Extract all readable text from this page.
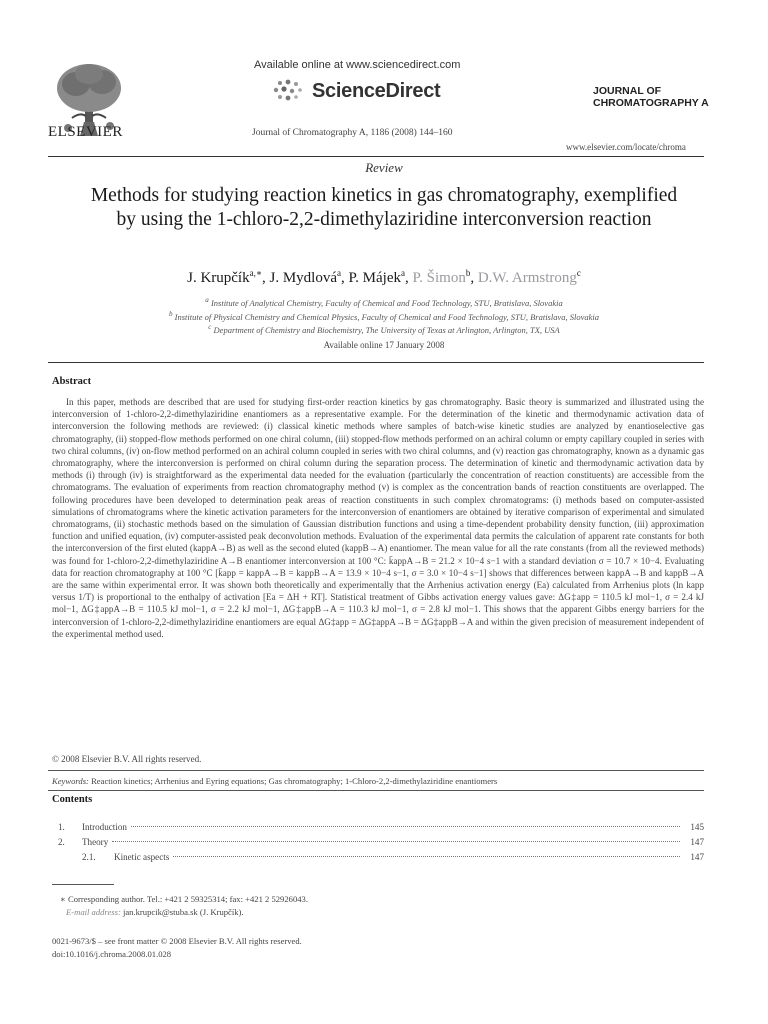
ELSEVIER
Available online at www.sciencedirect.com
ScienceDirect	JOURNAL OF
CHROMATOGRAPHY A
Journal of Chromatography A, 1186 (2008) 144–160
www.elsevier.com/locate/chroma
Review
Methods for studying reaction kinetics in gas chromatography, exemplified by using the 1-chloro-2,2-dimethylaziridine interconversion reaction
J. Krupčík$^{a,∗}$, J. Mydlová$^a$, P. Májek$^a$, P. Šimon$^b$, D.W. Armstrong$^c$
$^a$ Institute of Analytical Chemistry, Faculty of Chemical and Food Technology, STU, Bratislava, Slovakia
$^b$ Institute of Physical Chemistry and Chemical Physics, Faculty of Chemical and Food Technology, STU, Bratislava, Slovakia
$^c$ Department of Chemistry and Biochemistry, The University of Texas at Arlington, Arlington, TX, USA
Available online 17 January 2008
Abstract

In this paper, methods are described that are used for studying first-order reaction kinetics by gas chromatography. Basic theory is summarized and illustrated using the interconversion of 1-chloro-2,2-dimethylaziridine enantiomers as a representative example. For the determination of the kinetic and thermodynamic activation data of interconversion the following methods are reviewed: (i) classical kinetic methods where samples of batch-wise kinetic studies are analyzed by enantioselective gas chromatography, (ii) stopped-flow methods performed on one chiral column, (iii) stopped-flow methods performed on an achiral column or empty capillary coupled in series with two chiral columns, (iv) on-flow method performed on an achiral column coupled in series with two chiral columns, and (v) reaction gas chromatography, known as a dynamic gas chromatography, where the interconversion is performed on chiral column during the separation process. The determination of kinetic and thermodynamic activation data by methods (i) through (iv) is straightforward as the experimental data needed for the evaluation (particularly the concentration of reaction constituents) are accessible from the chromatograms. The evaluation of experiments from reaction chromatography method (v) is complex as the concentration bands of reaction constituents are overlapped. The following procedures have been developed to determination peak areas of reaction constituents in such complex chromatograms: (i) methods based on computer-assisted simulations of chromatograms where the kinetic activation parameters for the interconversion of enantiomers are obtained by iterative comparison of experimental and simulated chromatograms, (ii) stochastic methods based on the simulation of Gaussian distribution functions and using a time-dependent probability density function, (iii) approximation function and unified equation, (iv) computer-assisted peak deconvolution methods. Evaluation of the experimental data permits the calculation of apparent rate constants for both the interconversion of the first eluted (kappA→B) as well as the second eluted (kappB→A) enantiomer. The mean value for all the rate constants (from all the reviewed methods) was found for 1-chloro-2,2-dimethylaziridine A→B enantiomer interconversion at 100 °C: k̄appA→B = 21.2 × 10−4 s−1 with a standard deviation σ = 10.7 × 10−4. Evaluating data for reaction chromatography at 100 °C [k̄app = kappA→B = kappB→A = 13.9 × 10−4 s−1, σ = 3.0 × 10−4 s−1] shows that differences between kappA→B and kappB→A are the same within experimental error. It was shown both theoretically and experimentally that the Arrhenius activation energy (Ea) calculated from Arrhenius plots (ln kapp versus 1/T) is proportional to the enthalpy of activation [Ea = ΔH + RT]. Statistical treatment of Gibbs activation energy values gave: ΔG‡app = 110.5 kJ mol−1, σ = 2.4 kJ mol−1, ΔG‡appA→B = 110.5 kJ mol−1, σ = 2.2 kJ mol−1, ΔG‡appB→A = 110.3 kJ mol−1, σ = 2.8 kJ mol−1. This shows that the apparent Gibbs energy barriers for the interconversion of 1-chloro-2,2-dimethylaziridine enantiomers are equal ΔG‡app = ΔG‡appA→B = ΔG‡appB→A and within the given precision of measurement independent of the experimental method used.

© 2008 Elsevier B.V. All rights reserved.
Keywords: Reaction kinetics; Arrhenius and Eyring equations; Gas chromatography; 1-Chloro-2,2-dimethylaziridine enantiomers
Contents
1.	Introduction	145
2.	Theory	147
2.1.	Kinetic aspects	147
∗ Corresponding author. Tel.: +421 2 59325314; fax: +421 2 52926043.
E-mail address: jan.krupcik@stuba.sk (J. Krupčík).
0021-9673/$ – see front matter © 2008 Elsevier B.V. All rights reserved.
doi:10.1016/j.chroma.2008.01.028
